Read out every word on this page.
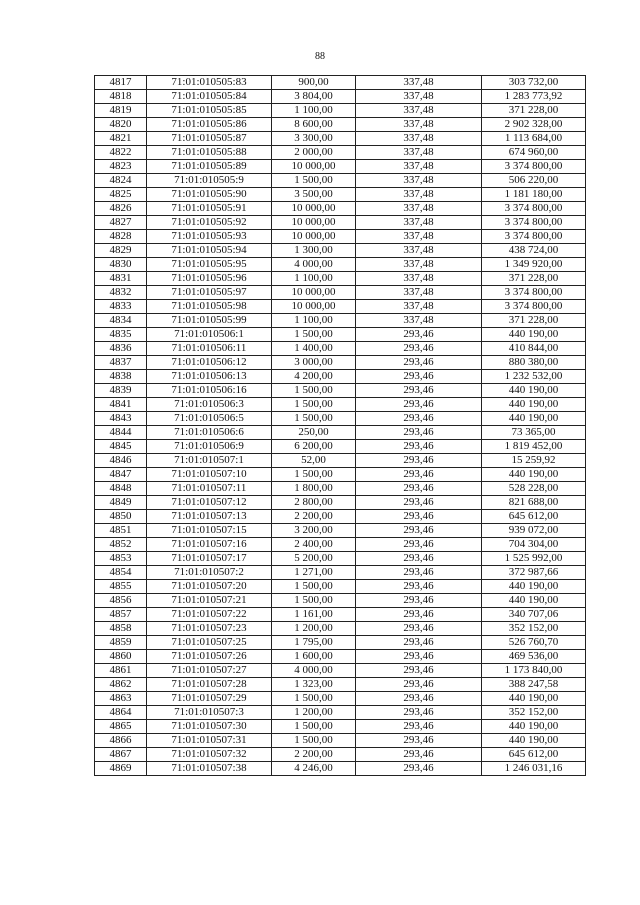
88
4817	71:01:010505:83	900,00	337,48	303 732,00
4818	71:01:010505:84	3 804,00	337,48	1 283 773,92
4819	71:01:010505:85	1 100,00	337,48	371 228,00
4820	71:01:010505:86	8 600,00	337,48	2 902 328,00
4821	71:01:010505:87	3 300,00	337,48	1 113 684,00
4822	71:01:010505:88	2 000,00	337,48	674 960,00
4823	71:01:010505:89	10 000,00	337,48	3 374 800,00
4824	71:01:010505:9	1 500,00	337,48	506 220,00
4825	71:01:010505:90	3 500,00	337,48	1 181 180,00
4826	71:01:010505:91	10 000,00	337,48	3 374 800,00
4827	71:01:010505:92	10 000,00	337,48	3 374 800,00
4828	71:01:010505:93	10 000,00	337,48	3 374 800,00
4829	71:01:010505:94	1 300,00	337,48	438 724,00
4830	71:01:010505:95	4 000,00	337,48	1 349 920,00
4831	71:01:010505:96	1 100,00	337,48	371 228,00
4832	71:01:010505:97	10 000,00	337,48	3 374 800,00
4833	71:01:010505:98	10 000,00	337,48	3 374 800,00
4834	71:01:010505:99	1 100,00	337,48	371 228,00
4835	71:01:010506:1	1 500,00	293,46	440 190,00
4836	71:01:010506:11	1 400,00	293,46	410 844,00
4837	71:01:010506:12	3 000,00	293,46	880 380,00
4838	71:01:010506:13	4 200,00	293,46	1 232 532,00
4839	71:01:010506:16	1 500,00	293,46	440 190,00
4841	71:01:010506:3	1 500,00	293,46	440 190,00
4843	71:01:010506:5	1 500,00	293,46	440 190,00
4844	71:01:010506:6	250,00	293,46	73 365,00
4845	71:01:010506:9	6 200,00	293,46	1 819 452,00
4846	71:01:010507:1	52,00	293,46	15 259,92
4847	71:01:010507:10	1 500,00	293,46	440 190,00
4848	71:01:010507:11	1 800,00	293,46	528 228,00
4849	71:01:010507:12	2 800,00	293,46	821 688,00
4850	71:01:010507:13	2 200,00	293,46	645 612,00
4851	71:01:010507:15	3 200,00	293,46	939 072,00
4852	71:01:010507:16	2 400,00	293,46	704 304,00
4853	71:01:010507:17	5 200,00	293,46	1 525 992,00
4854	71:01:010507:2	1 271,00	293,46	372 987,66
4855	71:01:010507:20	1 500,00	293,46	440 190,00
4856	71:01:010507:21	1 500,00	293,46	440 190,00
4857	71:01:010507:22	1 161,00	293,46	340 707,06
4858	71:01:010507:23	1 200,00	293,46	352 152,00
4859	71:01:010507:25	1 795,00	293,46	526 760,70
4860	71:01:010507:26	1 600,00	293,46	469 536,00
4861	71:01:010507:27	4 000,00	293,46	1 173 840,00
4862	71:01:010507:28	1 323,00	293,46	388 247,58
4863	71:01:010507:29	1 500,00	293,46	440 190,00
4864	71:01:010507:3	1 200,00	293,46	352 152,00
4865	71:01:010507:30	1 500,00	293,46	440 190,00
4866	71:01:010507:31	1 500,00	293,46	440 190,00
4867	71:01:010507:32	2 200,00	293,46	645 612,00
4869	71:01:010507:38	4 246,00	293,46	1 246 031,16
